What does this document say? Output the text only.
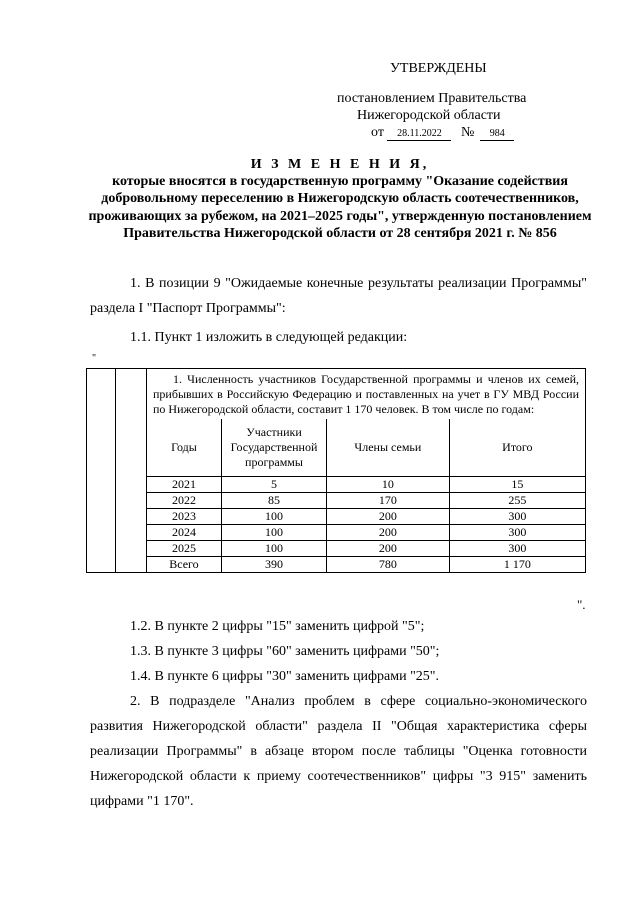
УТВЕРЖДЕНЫ
постановлением Правительства
Нижегородской области
от 28.11.2022 № 984
И З М Е Н Е Н И Я,
которые вносятся в государственную программу "Оказание содействия добровольному переселению в Нижегородскую область соотечественников, проживающих за рубежом, на 2021–2025 годы", утвержденную постановлением Правительства Нижегородской области от 28 сентября 2021 г. № 856
1. В позиции 9 "Ожидаемые конечные результаты реализации Программы" раздела I "Паспорт Программы":
1.1. Пункт 1 изложить в следующей редакции:
"

1. Численность участников Государственной программы и членов их семей, прибывших в Российскую Федерацию и поставленных на учет в ГУ МВД России по Нижегородской области, составит 1 170 человек. В том числе по годам:
Годы	Участники Государственной программы	Члены семьи	Итого
2021	5	10	15
2022	85	170	255
2023	100	200	300
2024	100	200	300
2025	100	200	300
Всего	390	780	1 170
".
1.2. В пункте 2 цифры "15" заменить цифрой "5";
1.3. В пункте 3 цифры "60" заменить цифрами "50";
1.4. В пункте 6 цифры "30" заменить цифрами "25".
2. В подразделе "Анализ проблем в сфере социально-экономического развития Нижегородской области" раздела II "Общая характеристика сферы реализации Программы" в абзаце втором после таблицы "Оценка готовности Нижегородской области к приему соотечественников" цифры "3 915" заменить цифрами "1 170".
